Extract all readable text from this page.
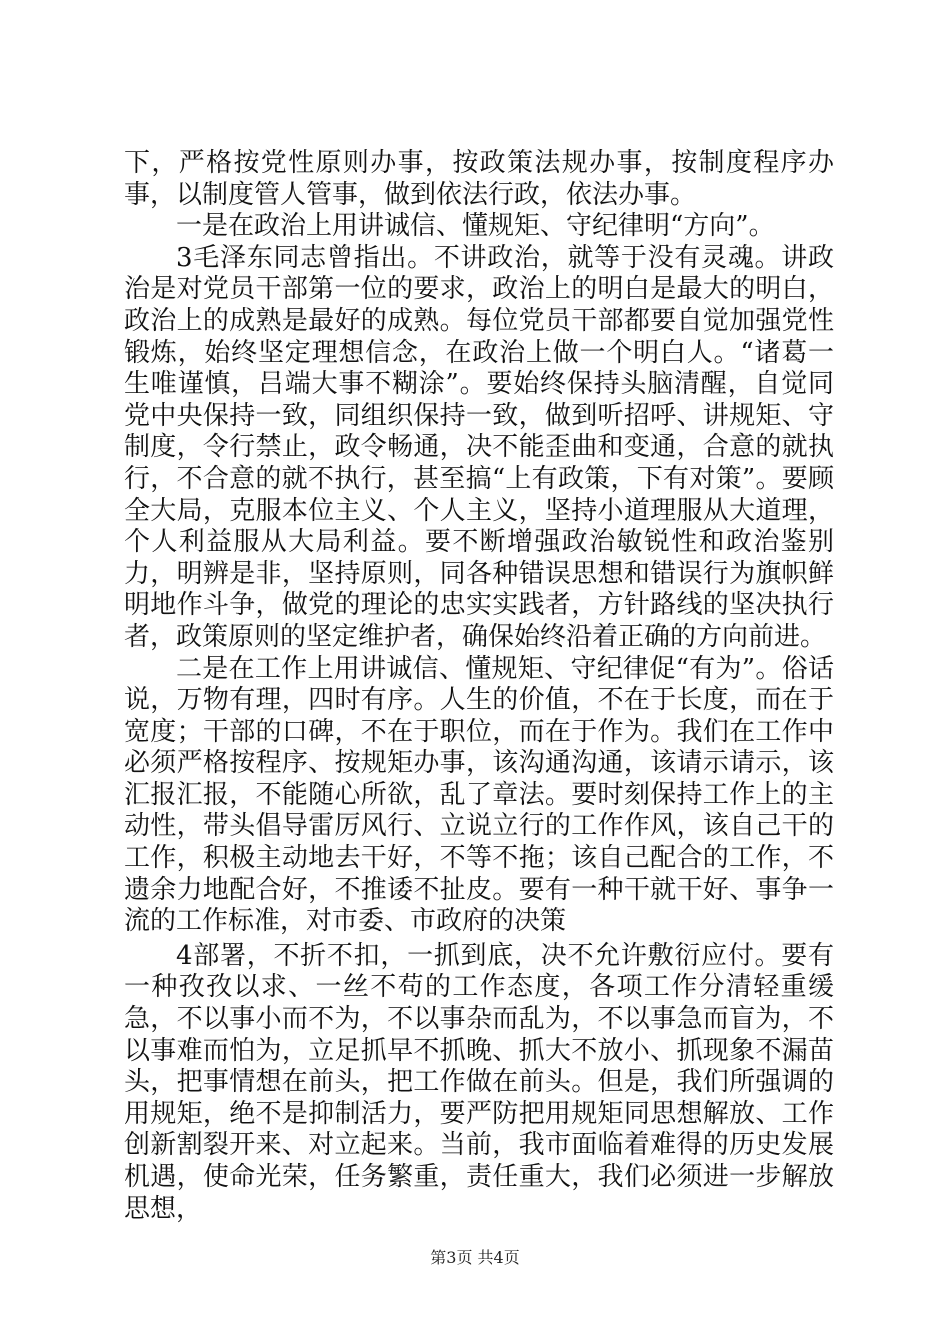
下，严格按党性原则办事，按政策法规办事，按制度程序办事，以制度管人管事，做到依法行政，依法办事。

一是在政治上用讲诚信、懂规矩、守纪律明“方向”。

3毛泽东同志曾指出。不讲政治，就等于没有灵魂。讲政治是对党员干部第一位的要求，政治上的明白是最大的明白，政治上的成熟是最好的成熟。每位党员干部都要自觉加强党性锻炼，始终坚定理想信念，在政治上做一个明白人。“诸葛一生唯谨慎，吕端大事不糊涂”。要始终保持头脑清醒，自觉同党中央保持一致，同组织保持一致，做到听招呼、讲规矩、守制度，令行禁止，政令畅通，决不能歪曲和变通，合意的就执行，不合意的就不执行，甚至搞“上有政策，下有对策”。要顾全大局，克服本位主义、个人主义，坚持小道理服从大道理，个人利益服从大局利益。要不断增强政治敏锐性和政治鉴别力，明辨是非，坚持原则，同各种错误思想和错误行为旗帜鲜明地作斗争，做党的理论的忠实实践者，方针路线的坚决执行者，政策原则的坚定维护者，确保始终沿着正确的方向前进。

二是在工作上用讲诚信、懂规矩、守纪律促“有为”。俗话说，万物有理，四时有序。人生的价值，不在于长度，而在于宽度；干部的口碑，不在于职位，而在于作为。我们在工作中必须严格按程序、按规矩办事，该沟通沟通，该请示请示，该汇报汇报，不能随心所欲，乱了章法。要时刻保持工作上的主动性，带头倡导雷厉风行、立说立行的工作作风，该自己干的工作，积极主动地去干好，不等不拖；该自己配合的工作，不遗余力地配合好，不推诿不扯皮。要有一种干就干好、事争一流的工作标准，对市委、市政府的决策

4部署，不折不扣，一抓到底，决不允许敷衍应付。要有一种孜孜以求、一丝不苟的工作态度，各项工作分清轻重缓急，不以事小而不为，不以事杂而乱为，不以事急而盲为，不以事难而怕为，立足抓早不抓晚、抓大不放小、抓现象不漏苗头，把事情想在前头，把工作做在前头。但是，我们所强调的用规矩，绝不是抑制活力，要严防把用规矩同思想解放、工作创新割裂开来、对立起来。当前，我市面临着难得的历史发展机遇，使命光荣，任务繁重，责任重大，我们必须进一步解放思想，

第3页 共4页
